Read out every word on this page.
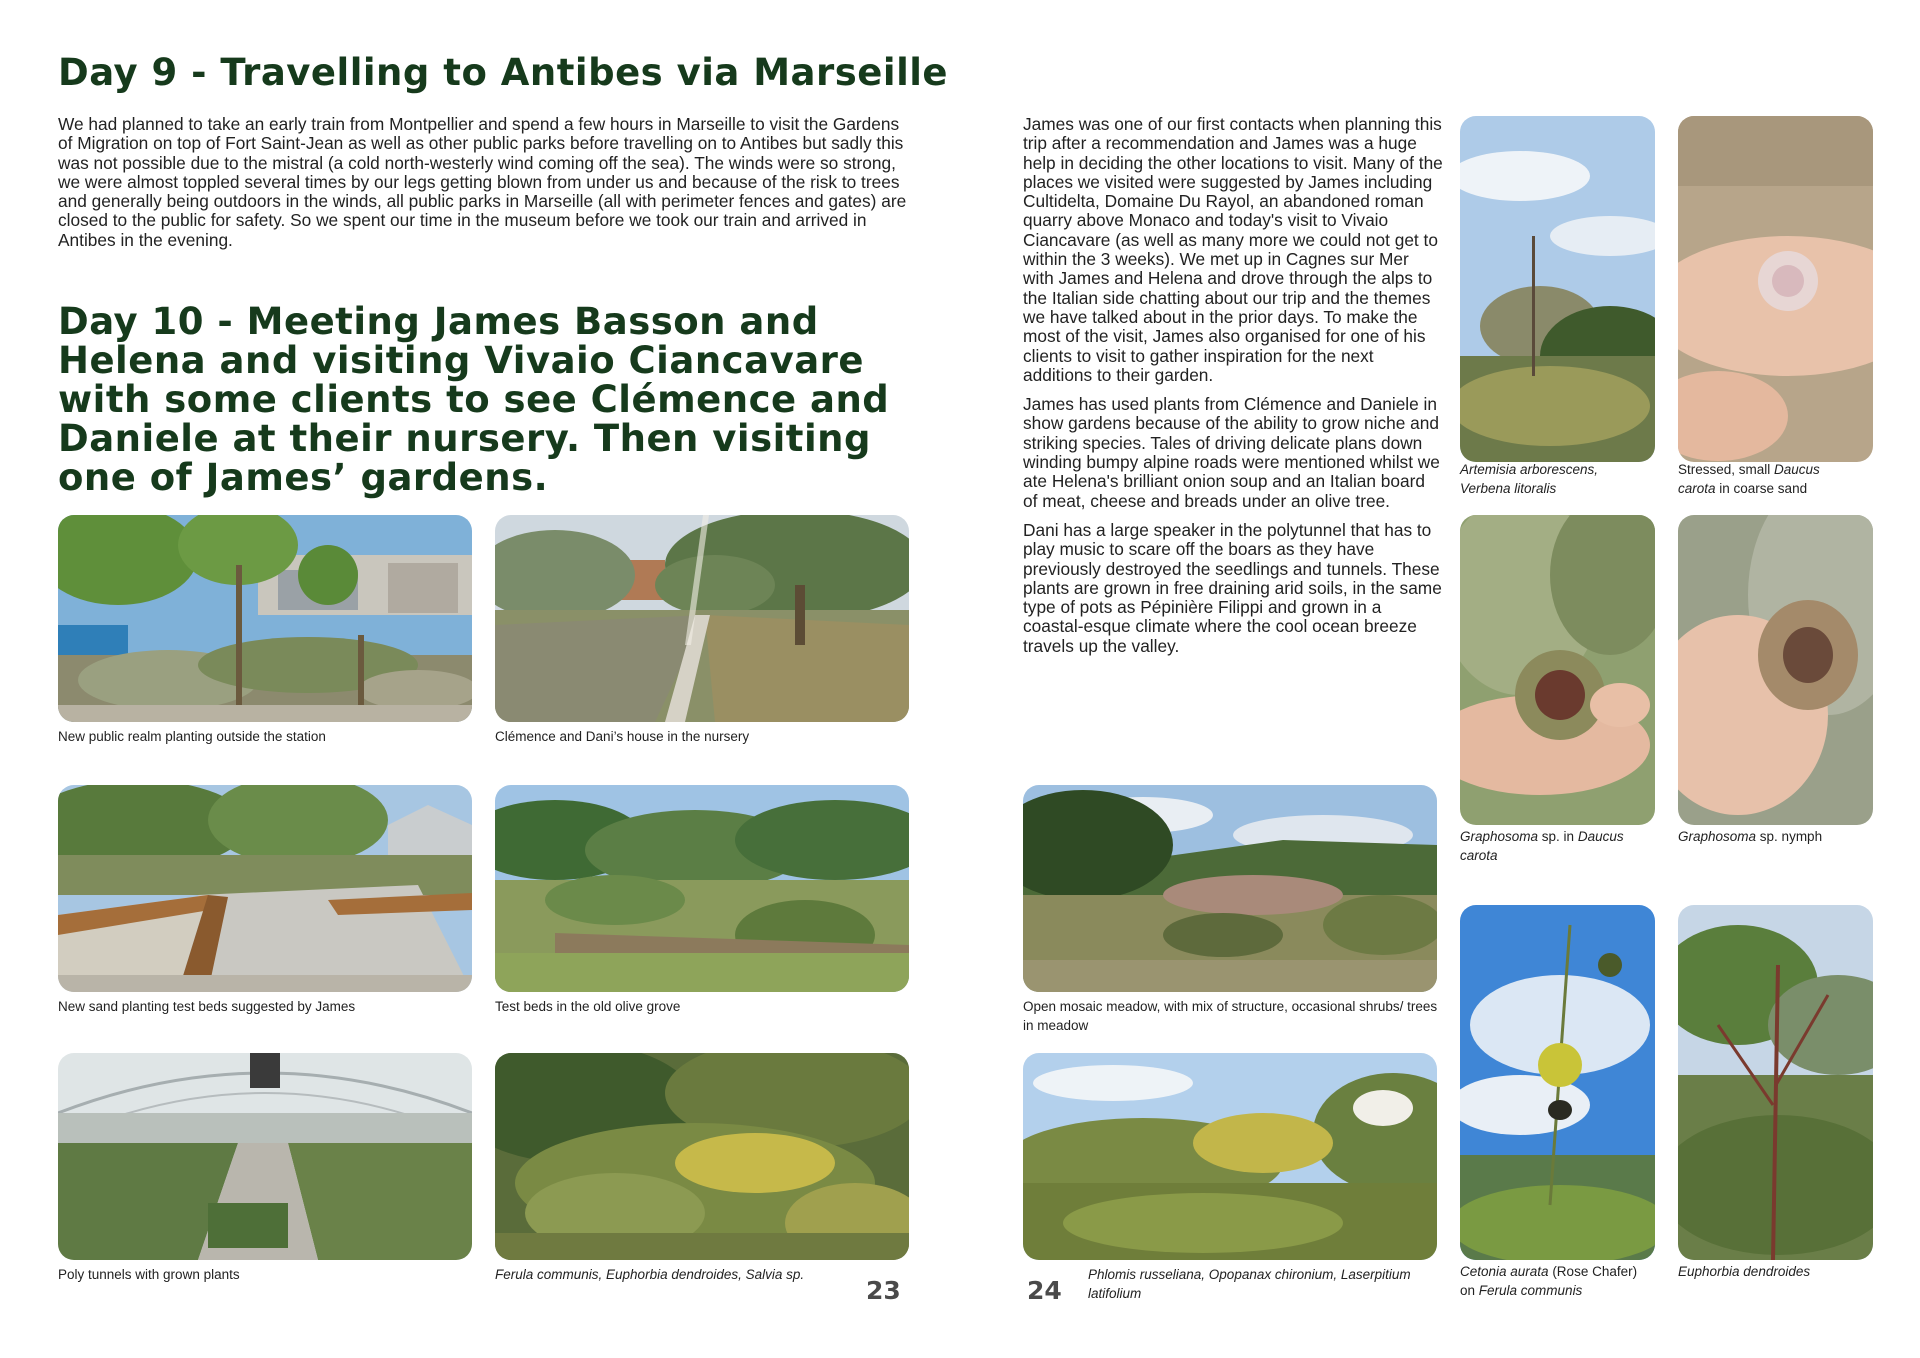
Day 9 - Travelling to Antibes via Marseille
We had planned to take an early train from Montpellier and spend a few hours in Marseille to visit the Gardens of Migration on top of Fort Saint-Jean as well as other public parks before travelling on to Antibes but sadly this was not possible due to the mistral (a cold north-westerly wind coming off the sea). The winds were so strong, we were almost toppled several times by our legs getting blown from under us and because of the risk to trees and generally being outdoors in the winds, all public parks in Marseille (all with perimeter fences and gates) are closed to the public for safety. So we spent our time in the museum before we took our train and arrived in Antibes in the evening.
Day 10 - Meeting James Basson and Helena and visiting Vivaio Ciancavare with some clients to see Clémence and Daniele at their nursery. Then visiting one of James’ gardens.

James was one of our first contacts when planning this trip after a recommendation and James was a huge help in deciding the other locations to visit. Many of the places we visited were suggested by James including Cultidelta, Domaine Du Rayol, an abandoned roman quarry above Monaco and today's visit to Vivaio Ciancavare (as well as many more we could not get to within the 3 weeks). We met up in Cagnes sur Mer with James and Helena and drove through the alps to the Italian side chatting about our trip and the themes we have talked about in the prior days. To make the most of the visit, James also organised for one of his clients to visit to gather inspiration for the next additions to their garden.

James has used plants from Clémence and Daniele in show gardens because of the ability to grow niche and striking species. Tales of driving delicate plans down winding bumpy alpine roads were mentioned whilst we ate Helena's brilliant onion soup and an Italian board of meat, cheese and breads under an olive tree.

Dani has a large speaker in the polytunnel that has to play music to scare off the boars as they have previously destroyed the seedlings and tunnels. These plants are grown in free draining arid soils, in the same type of pots as Pépinière Filippi and grown in a coastal-esque climate where the cool ocean breeze travels up the valley.

New public realm planting outside the station	Clémence and Dani’s house in the nursery
New sand planting test beds suggested by James	Test beds in the old olive grove
Poly tunnels with grown plants	Ferula communis, Euphorbia dendroides, Salvia sp.
23
Open mosaic meadow, with mix of structure, occasional shrubs/ trees in meadow
Phlomis russeliana, Opopanax chironium, Laserpitium latifolium
24
Artemisia arborescens,
Verbena litoralis
Graphosoma sp. in Daucus
carota
Cetonia aurata (Rose Chafer)
on Ferula communis
Stressed, small Daucus
carota in coarse sand
Graphosoma sp. nymph
Euphorbia dendroides
